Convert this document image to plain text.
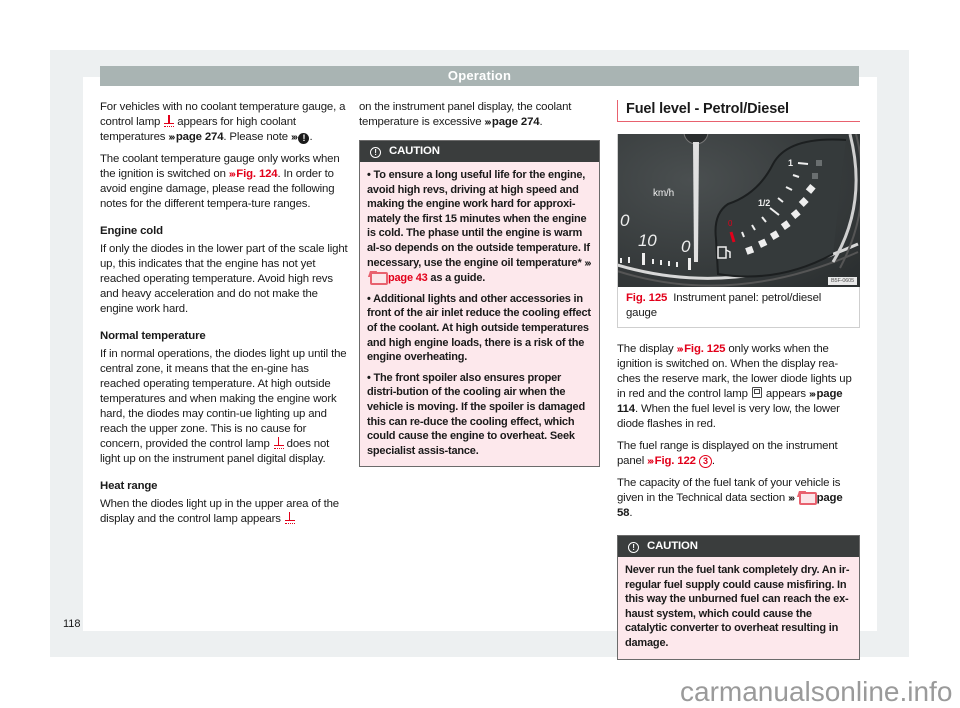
Operation

For vehicles with no coolant temperature gauge, a control lamp  appears for high coolant temperatures ››› page 274. Please note ››› ! .

The coolant temperature gauge only works when the ignition is switched on ››› Fig. 124. In order to avoid engine damage, please read the following notes for the different tempera-ture ranges.

Engine cold

If only the diodes in the lower part of the scale light up, this indicates that the engine has not yet reached operating temperature. Avoid high revs and heavy acceleration and do not make the engine work hard.

Normal temperature

If in normal operations, the diodes light up until the central zone, it means that the en-gine has reached operating temperature. At high outside temperatures and when making the engine work hard, the diodes may contin-ue lighting up and reach the upper zone. This is no cause for concern, provided the control lamp  does not light up on the instrument panel digital display.

Heat range

When the diodes light up in the upper area of the display and the control lamp appears

on the instrument panel display, the coolant temperature is excessive ››› page 274.

! CAUTION
• To ensure a long useful life for the engine, avoid high revs, driving at high speed and making the engine work hard for approxi-mately the first 15 minutes when the engine is cold. The phase until the engine is warm al-so depends on the outside temperature. If necessary, use the engine oil temperature* ›››page 43 as a guide.
• Additional lights and other accessories in front of the air inlet reduce the cooling effect of the coolant. At high outside temperatures and high engine loads, there is a risk of the engine overheating.
• The front spoiler also ensures proper distri-bution of the cooling air when the vehicle is moving. If the spoiler is damaged this can re-duce the cooling effect, which could cause the engine to overheat. Seek specialist assis-tance.
Fuel level - Petrol/Diesel
km/h
0
10 0
1
1/2
0
B5F-0605
Fig. 125 Instrument panel: petrol/diesel gauge

The display ››› Fig. 125 only works when the ignition is switched on. When the display rea-ches the reserve mark, the lower diode lights up in red and the control lamp  appears ››› page 114. When the fuel level is very low, the lower diode flashes in red.

The fuel range is displayed on the instrument panel ››› Fig. 122 3 .

The capacity of the fuel tank of your vehicle is given in the Technical data section ››› page 58.

! CAUTION
Never run the fuel tank completely dry. An ir-regular fuel supply could cause misfiring. In this way the unburned fuel can reach the ex-haust system, which could cause the catalytic converter to overheat resulting in damage.
118
carmanualsonline.info
